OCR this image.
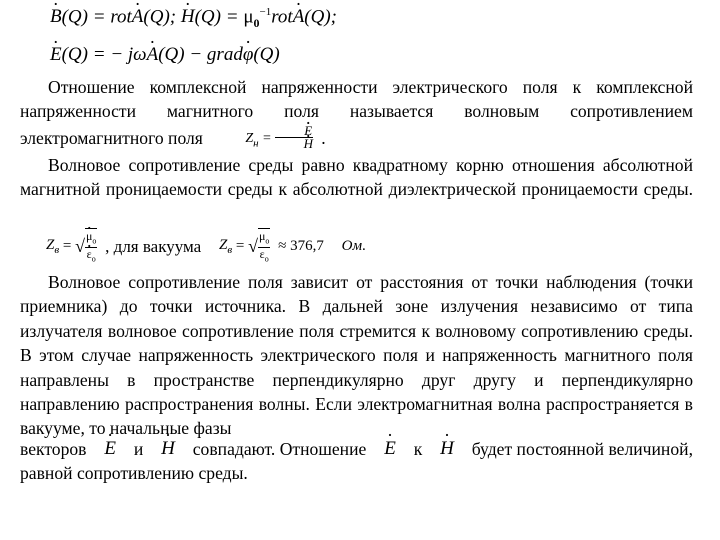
· B(Q) = rot· A(Q); · $H(Q) = \mu_0^{-1}rot\cdot A(Q)$;
· E(Q) = − jω· A(Q) − grad· φ(Q)
Отношение комплексной напряженности электрического поля к комплексной напряженности магнитного поля называется волновым сопротивлением электромагнитного поля	$Z_н$ = · E
· H .
Волновое сопротивление среды равно квадратному корню отношения абсолютной магнитной проницаемости среды к абсолютной диэлектрической проницаемости среды.
$Z_в$ = √ · $\mu_о$
· $\varepsilon_о$ , для вакуума $Z_в$ = √ $\frac{\mu_о}{\varepsilon_о} \approx 376,7$ Ом.
Волновое сопротивление поля зависит от расстояния от точки наблюдения (точки приемника) до точки источника. В дальней зоне излучения независимо от типа излучателя волновое сопротивление поля стремится к волновому сопротивлению среды. В этом случае напряженность электрического поля и напряженность магнитного поля направлены в пространстве перпендикулярно друг другу и перпендикулярно направлению распространения волны. Если электромагнитная волна распространяется в вакууме, то начальные фазы
векторов · E и · H совпадают. Отношение · E к · H будет постоянной величиной,
равной сопротивлению среды.
